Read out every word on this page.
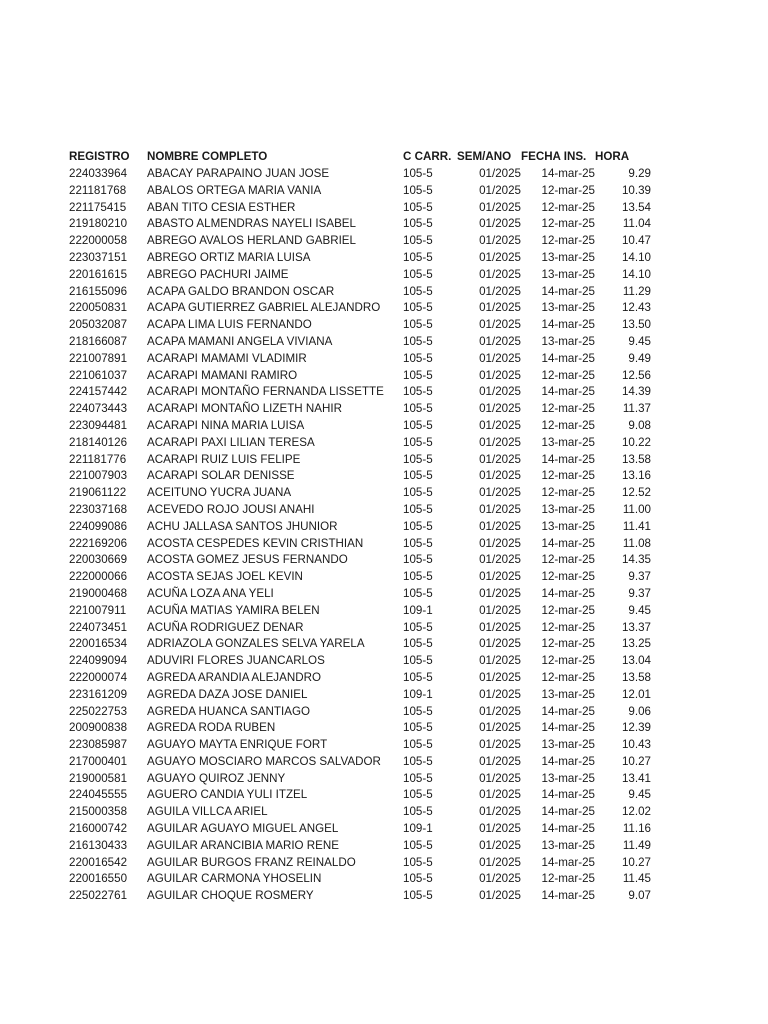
REGISTRO	NOMBRE COMPLETO	C CARR.	SEM/ANO	FECHA INS.	HORA
224033964	ABACAY PARAPAINO JUAN JOSE	105-5	01/2025	14-mar-25	9.29
221181768	ABALOS ORTEGA MARIA VANIA	105-5	01/2025	12-mar-25	10.39
221175415	ABAN TITO CESIA ESTHER	105-5	01/2025	12-mar-25	13.54
219180210	ABASTO ALMENDRAS NAYELI ISABEL	105-5	01/2025	12-mar-25	11.04
222000058	ABREGO AVALOS HERLAND GABRIEL	105-5	01/2025	12-mar-25	10.47
223037151	ABREGO ORTIZ MARIA LUISA	105-5	01/2025	13-mar-25	14.10
220161615	ABREGO PACHURI JAIME	105-5	01/2025	13-mar-25	14.10
216155096	ACAPA GALDO BRANDON OSCAR	105-5	01/2025	14-mar-25	11.29
220050831	ACAPA GUTIERREZ GABRIEL ALEJANDRO	105-5	01/2025	13-mar-25	12.43
205032087	ACAPA LIMA LUIS FERNANDO	105-5	01/2025	14-mar-25	13.50
218166087	ACAPA MAMANI ANGELA VIVIANA	105-5	01/2025	13-mar-25	9.45
221007891	ACARAPI MAMAMI VLADIMIR	105-5	01/2025	14-mar-25	9.49
221061037	ACARAPI MAMANI RAMIRO	105-5	01/2025	12-mar-25	12.56
224157442	ACARAPI MONTAÑO FERNANDA LISSETTE	105-5	01/2025	14-mar-25	14.39
224073443	ACARAPI MONTAÑO LIZETH NAHIR	105-5	01/2025	12-mar-25	11.37
223094481	ACARAPI NINA MARIA LUISA	105-5	01/2025	12-mar-25	9.08
218140126	ACARAPI PAXI LILIAN TERESA	105-5	01/2025	13-mar-25	10.22
221181776	ACARAPI RUIZ LUIS FELIPE	105-5	01/2025	14-mar-25	13.58
221007903	ACARAPI SOLAR DENISSE	105-5	01/2025	12-mar-25	13.16
219061122	ACEITUNO YUCRA JUANA	105-5	01/2025	12-mar-25	12.52
223037168	ACEVEDO ROJO JOUSI ANAHI	105-5	01/2025	13-mar-25	11.00
224099086	ACHU JALLASA SANTOS JHUNIOR	105-5	01/2025	13-mar-25	11.41
222169206	ACOSTA CESPEDES KEVIN CRISTHIAN	105-5	01/2025	14-mar-25	11.08
220030669	ACOSTA GOMEZ JESUS FERNANDO	105-5	01/2025	12-mar-25	14.35
222000066	ACOSTA SEJAS JOEL KEVIN	105-5	01/2025	12-mar-25	9.37
219000468	ACUÑA LOZA ANA YELI	105-5	01/2025	14-mar-25	9.37
221007911	ACUÑA MATIAS YAMIRA BELEN	109-1	01/2025	12-mar-25	9.45
224073451	ACUÑA RODRIGUEZ DENAR	105-5	01/2025	12-mar-25	13.37
220016534	ADRIAZOLA GONZALES SELVA YARELA	105-5	01/2025	12-mar-25	13.25
224099094	ADUVIRI FLORES JUANCARLOS	105-5	01/2025	12-mar-25	13.04
222000074	AGREDA ARANDIA ALEJANDRO	105-5	01/2025	12-mar-25	13.58
223161209	AGREDA DAZA JOSE DANIEL	109-1	01/2025	13-mar-25	12.01
225022753	AGREDA HUANCA SANTIAGO	105-5	01/2025	14-mar-25	9.06
200900838	AGREDA RODA RUBEN	105-5	01/2025	14-mar-25	12.39
223085987	AGUAYO MAYTA ENRIQUE FORT	105-5	01/2025	13-mar-25	10.43
217000401	AGUAYO MOSCIARO MARCOS SALVADOR	105-5	01/2025	14-mar-25	10.27
219000581	AGUAYO QUIROZ JENNY	105-5	01/2025	13-mar-25	13.41
224045555	AGUERO CANDIA YULI ITZEL	105-5	01/2025	14-mar-25	9.45
215000358	AGUILA VILLCA ARIEL	105-5	01/2025	14-mar-25	12.02
216000742	AGUILAR AGUAYO MIGUEL ANGEL	109-1	01/2025	14-mar-25	11.16
216130433	AGUILAR ARANCIBIA MARIO RENE	105-5	01/2025	13-mar-25	11.49
220016542	AGUILAR BURGOS FRANZ REINALDO	105-5	01/2025	14-mar-25	10.27
220016550	AGUILAR CARMONA YHOSELIN	105-5	01/2025	12-mar-25	11.45
225022761	AGUILAR CHOQUE ROSMERY	105-5	01/2025	14-mar-25	9.07
